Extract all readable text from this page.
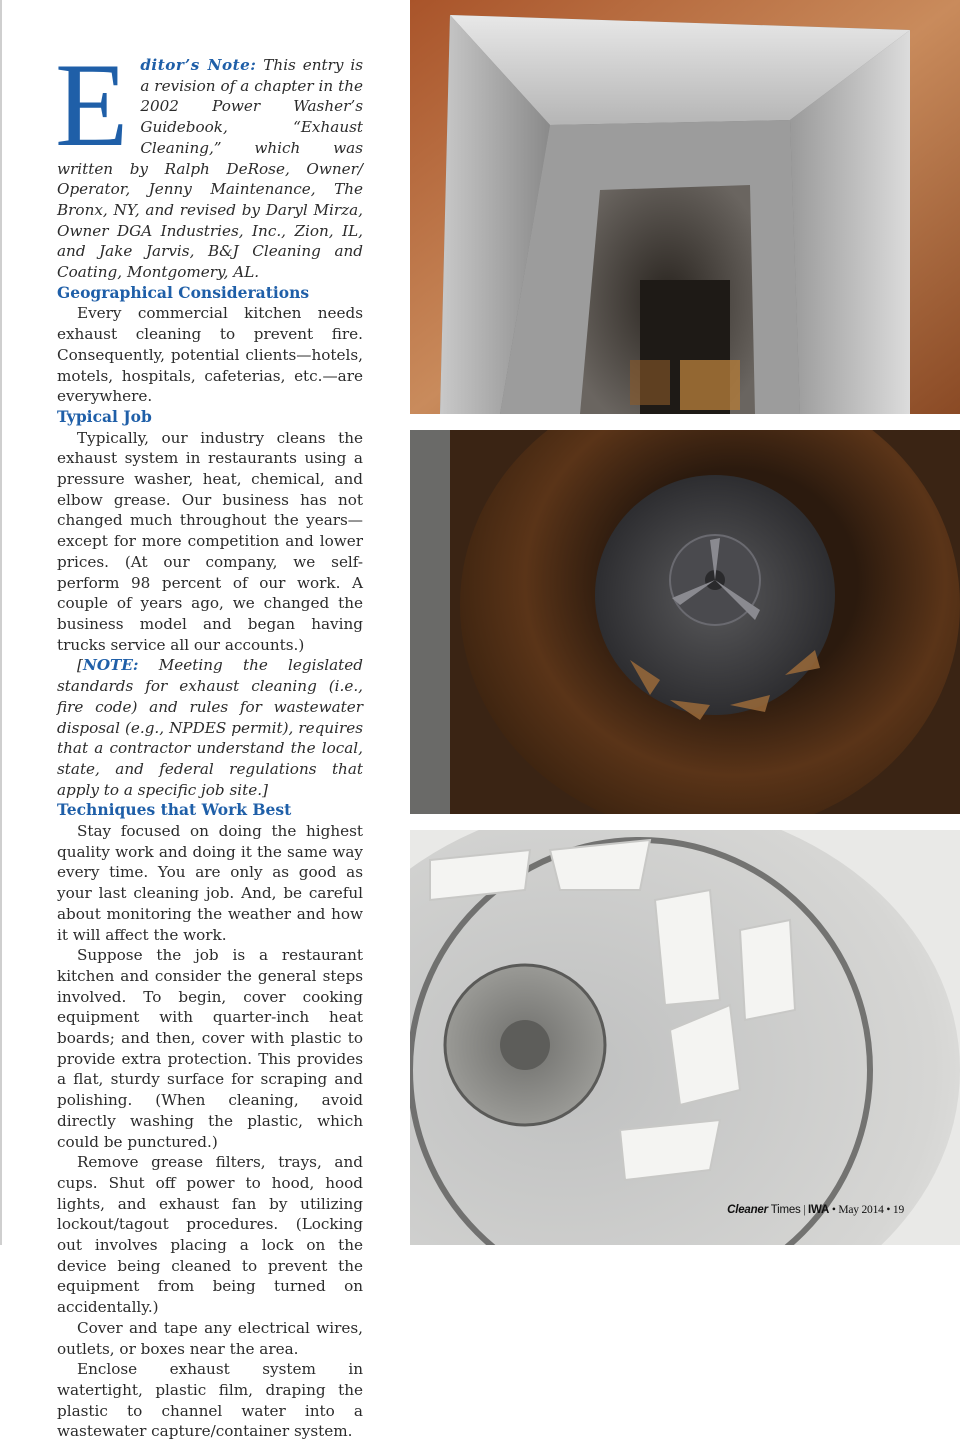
E ditor’s Note: This entry is a revision of a chapter in the 2002 Power Washer’s Guidebook, “Exhaust Cleaning,” which was written by Ralph DeRose, Owner/ Operator, Jenny Maintenance, The Bronx, NY, and revised by Daryl Mirza, Owner DGA Industries, Inc., Zion, IL, and Jake Jarvis, B&J Cleaning and Coating, Montgomery, AL.

Geographical Considerations

Every commercial kitchen needs exhaust cleaning to prevent fire. Consequently, potential clients—hotels, motels, hospitals, cafeterias, etc.—are everywhere.

Typical Job

Typically, our industry cleans the exhaust system in restaurants using a pressure washer, heat, chemical, and elbow grease. Our business has not changed much throughout the years—except for more competition and lower prices. (At our company, we self-perform 98 percent of our work. A couple of years ago, we changed the business model and began having trucks service all our accounts.)

[NOTE: Meeting the legislated standards for exhaust cleaning (i.e., fire code) and rules for wastewater disposal (e.g., NPDES permit), requires that a contractor understand the local, state, and federal regulations that apply to a specific job site.]

Techniques that Work Best

Stay focused on doing the highest quality work and doing it the same way every time. You are only as good as your last cleaning job. And, be careful about monitoring the weather and how it will affect the work.

Suppose the job is a restaurant kitchen and consider the general steps involved. To begin, cover cooking equipment with quarter-inch heat boards; and then, cover with plastic to provide extra protection. This provides a flat, sturdy surface for scraping and polishing. (When cleaning, avoid directly washing the plastic, which could be punctured.)

Remove grease filters, trays, and cups. Shut off power to hood, hood lights, and exhaust fan by utilizing lockout/tagout procedures. (Locking out involves placing a lock on the device being cleaned to prevent the equipment from being turned on accidentally.)

Cover and tape any electrical wires, outlets, or boxes near the area.

Enclose exhaust system in watertight, plastic film, draping the plastic to channel water into a wastewater capture/container system.

Cleaner Times | IWA • May 2014 • 19
